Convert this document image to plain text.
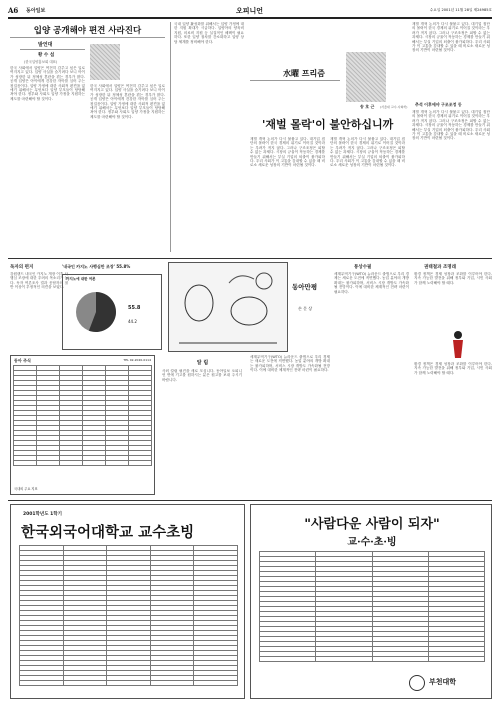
A6 동아일보	오피니언	수요일 2001년 11월 28일 제24985호
입양 공개해야 편견 사라진다
발언대
황 수 섭
(한국입양홍보회 대표)
한국 사회에서 입양은 여전히 감추고 싶은 일로 여겨지고 있다. 입양 사실을 숨기려다 보니 아이가 성장한 뒤 정체성 혼란을 겪는 경우가 많다. 공개 입양은 아이에게 건강한 자아를 심어 주는 첫걸음이다. 입양 가정에 대한 사회적 편견을 없애기 위해서는 무엇보다 입양 부모들이 당당해져야 한다. 정부와 사회도 입양 가정을 지원하는 제도를 마련해야 할 것이다.
한국 사회에서 입양은 여전히 감추고 싶은 일로 여겨지고 있다. 입양 사실을 숨기려다 보니 아이가 성장한 뒤 정체성 혼란을 겪는 경우가 많다. 공개 입양은 아이에게 건강한 자아를 심어 주는 첫걸음이다. 입양 가정에 대한 사회적 편견을 없애기 위해서는 무엇보다 입양 부모들이 당당해져야 한다. 정부와 사회도 입양 가정을 지원하는 제도를 마련해야 할 것이다.
국내 입양 활성화를 위해서는 입양 가정에 대한 지원 확대가 시급하다. 입양아의 양육비 지원, 의료비 지원 등 실질적인 혜택이 필요하다. 또한 입양 절차를 간소화하고 입양 상담 체계를 정비해야 한다.
水曜 프리즘
송 호 근 (서울대 교수·사회학)
'재벌 몰락'이 불안하십니까
재벌 개혁 논의가 다시 불붙고 있다. 대기업 집단의 몰락이 한국 경제의 위기로 이어질 것이라는 우려가 적지 않다. 그러나 구조조정은 피할 수 없는 과제다. 시장의 규율이 작동하는 경제를 만들기 위해서는 부실 기업의 퇴출이 불가피하다. 우리 사회가 이 고통을 감내할 수 있을 때 비로소 새로운 성장의 기반이 마련될 것이다.
재벌 개혁 논의가 다시 불붙고 있다. 대기업 집단의 몰락이 한국 경제의 위기로 이어질 것이라는 우려가 적지 않다. 그러나 구조조정은 피할 수 없는 과제다. 시장의 규율이 작동하는 경제를 만들기 위해서는 부실 기업의 퇴출이 불가피하다. 우리 사회가 이 고통을 감내할 수 있을 때 비로소 새로운 성장의 기반이 마련될 것이다.
추석 이후에야 구조조정 등
재벌 개혁 논의가 다시 불붙고 있다. 대기업 집단의 몰락이 한국 경제의 위기로 이어질 것이라는 우려가 적지 않다. 그러나 구조조정은 피할 수 없는 과제다. 시장의 규율이 작동하는 경제를 만들기 위해서는 부실 기업의 퇴출이 불가피하다. 우리 사회가 이 고통을 감내할 수 있을 때 비로소 새로운 성장의 기반이 마련될 것이다.
재벌 개혁 논의가 다시 불붙고 있다. 대기업 집단의 몰락이 한국 경제의 위기로 이어질 것이라는 우려가 적지 않다. 그러나 구조조정은 피할 수 없는 과제다. 시장의 규율이 작동하는 경제를 만들기 위해서는 부실 기업의 퇴출이 불가피하다. 우리 사회가 이 고통을 감내할 수 있을 때 비로소 새로운 성장의 기반이 마련될 것이다.
독자의 편지
강원랜드 내국인 카지노 개장 이후 사행심 조장에 대한 우려의 목소리가 높다. 독자 여론조사 결과 응답자의 절반 이상이 부정적인 의견을 보였다.
'내국인 카지노 사행심만 조장' 55.8%
카지노에 대한 여론
55.8
44.2
동아만평
손 문 상
통상수필
세계무역기구(WTO) 뉴라운드 출범으로 우리 경제는 새로운 도전에 직면했다. 농업 분야의 개방 확대는 불가피하며, 서비스 시장 개방도 가속화될 전망이다. 이에 대비한 체계적인 전략 마련이 필요하다.
권태철과 조명래
환경 정책은 경제 성장과 조화를 이루어야 한다. 지속 가능한 발전을 위해 정부와 기업, 시민 사회가 함께 노력해야 할 때다.
환경 정책은 경제 성장과 조화를 이루어야 한다. 지속 가능한 발전을 위해 정부와 기업, 시민 사회가 함께 노력해야 할 때다.
동아 주식	TEL 02-2020-0114

국내외 주요 지표
알 림
사외 칼럼 필진을 새로 모십니다. 동아일보 오피니언 면에 기고를 원하시는 분은 원고를 보내 주시기 바랍니다.
세계무역기구(WTO) 뉴라운드 출범으로 우리 경제는 새로운 도전에 직면했다. 농업 분야의 개방 확대는 불가피하며, 서비스 시장 개방도 가속화될 전망이다. 이에 대비한 체계적인 전략 마련이 필요하다.
2001학년도 1학기
한국외국어대학교 교수초빙

					"사람다운 사람이 되자"
교·수·초·빙

부천대학
